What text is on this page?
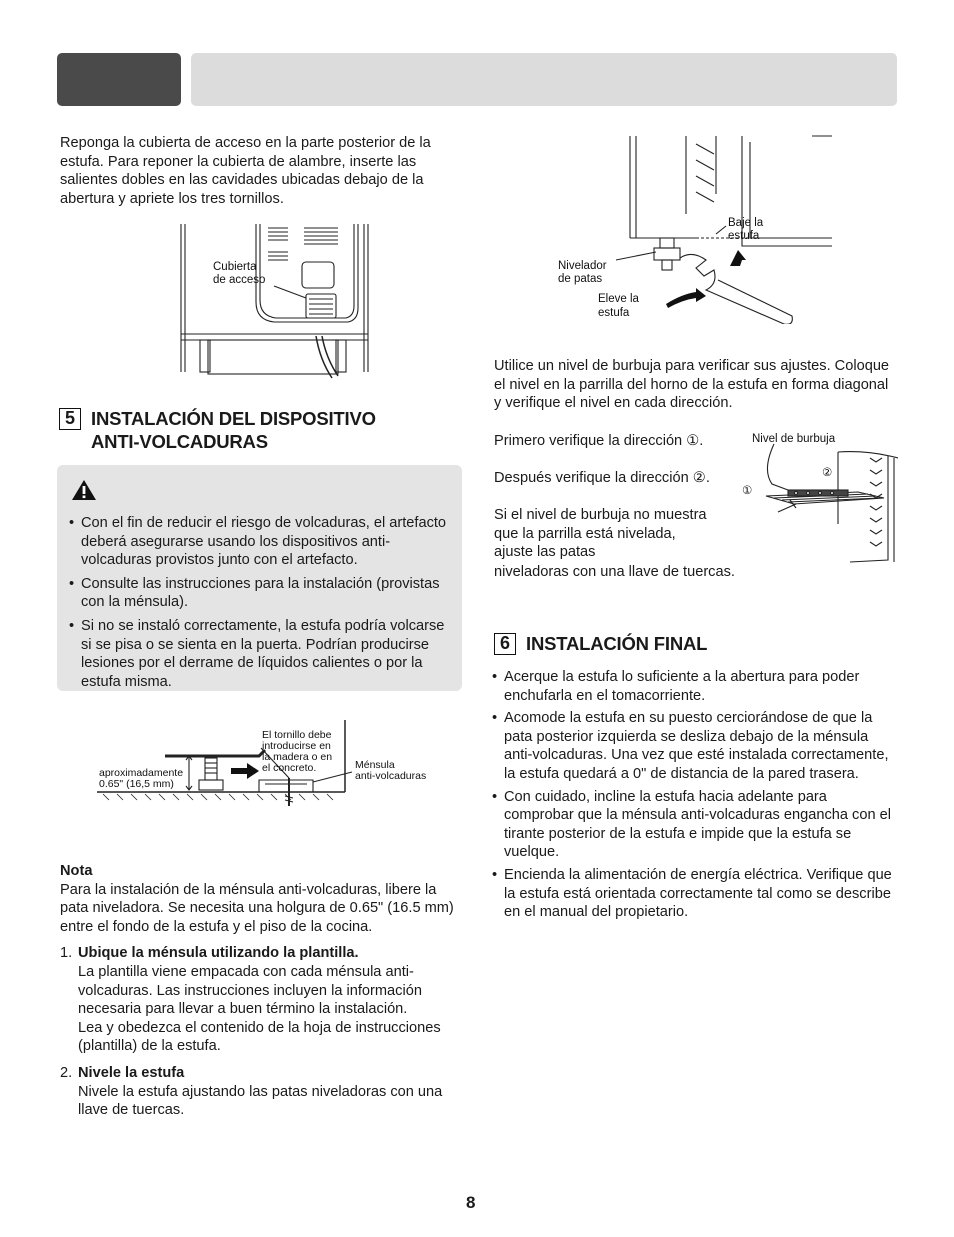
Reponga la cubierta de acceso en la parte posterior de la estufa. Para reponer la cubierta de alambre, inserte las salientes dobles en las cavidades ubicadas debajo de la abertura y apriete los tres tornillos.

Cubierta
de acceso
5 INSTALACIÓN DEL DISPOSITIVO
ANTI-VOLCADURAS
• Con el fin de reducir el riesgo de volcaduras, el artefacto deberá asegurarse usando los dispositivos anti-volcaduras provistos junto con el artefacto.
• Consulte las instrucciones para la instalación (provistas con la ménsula).
• Si no se instaló correctamente, la estufa podría volcarse si se pisa o se sienta en la puerta. Podrían producirse lesiones por el derrame de líquidos calientes o por la estufa misma.
El tornillo debe
introducirse en
la madera o en
el concreto.	Ménsula
anti-volcaduras
aproximadamente
0.65" (16,5 mm)
Nota

Para la instalación de la ménsula anti-volcaduras, libere la pata niveladora. Se necesita una holgura de 0.65" (16.5 mm) entre el fondo de la estufa y el piso de la cocina.

1. Ubique la ménsula utilizando la plantilla.
La plantilla viene empacada con cada ménsula anti-volcaduras. Las instrucciones incluyen la información necesaria para llevar a buen término la instalación.
Lea y obedezca el contenido de la hoja de instrucciones (plantilla) de la estufa.
2. Nivele la estufa
Nivele la estufa ajustando las patas niveladoras con una llave de tuercas.
Baje la
estufa
Nivelador
de patas
Eleve la
estufa

Utilice un nivel de burbuja para verificar sus ajustes. Coloque el nivel en la parrilla del horno de la estufa en forma diagonal y verifique el nivel en cada dirección.

Primero verifique la dirección ①.

Después verifique la dirección ②.

Si el nivel de burbuja no muestra que la parrilla está nivelada, ajuste las patas

niveladoras con una llave de tuercas.

Nivel de burbuja
①
②
6 INSTALACIÓN FINAL
• Acerque la estufa lo suficiente a la abertura para poder enchufarla en el tomacorriente.
• Acomode la estufa en su puesto cerciorándose de que la pata posterior izquierda se desliza debajo de la ménsula anti-volcaduras. Una vez que esté instalada correctamente, la estufa quedará a 0" de distancia de la pared trasera.
• Con cuidado, incline la estufa hacia adelante para comprobar que la ménsula anti-volcaduras engancha con el tirante posterior de la estufa e impide que la estufa se vuelque.
• Encienda la alimentación de energía eléctrica. Verifique que la estufa está orientada correctamente tal como se describe en el manual del propietario.
8
